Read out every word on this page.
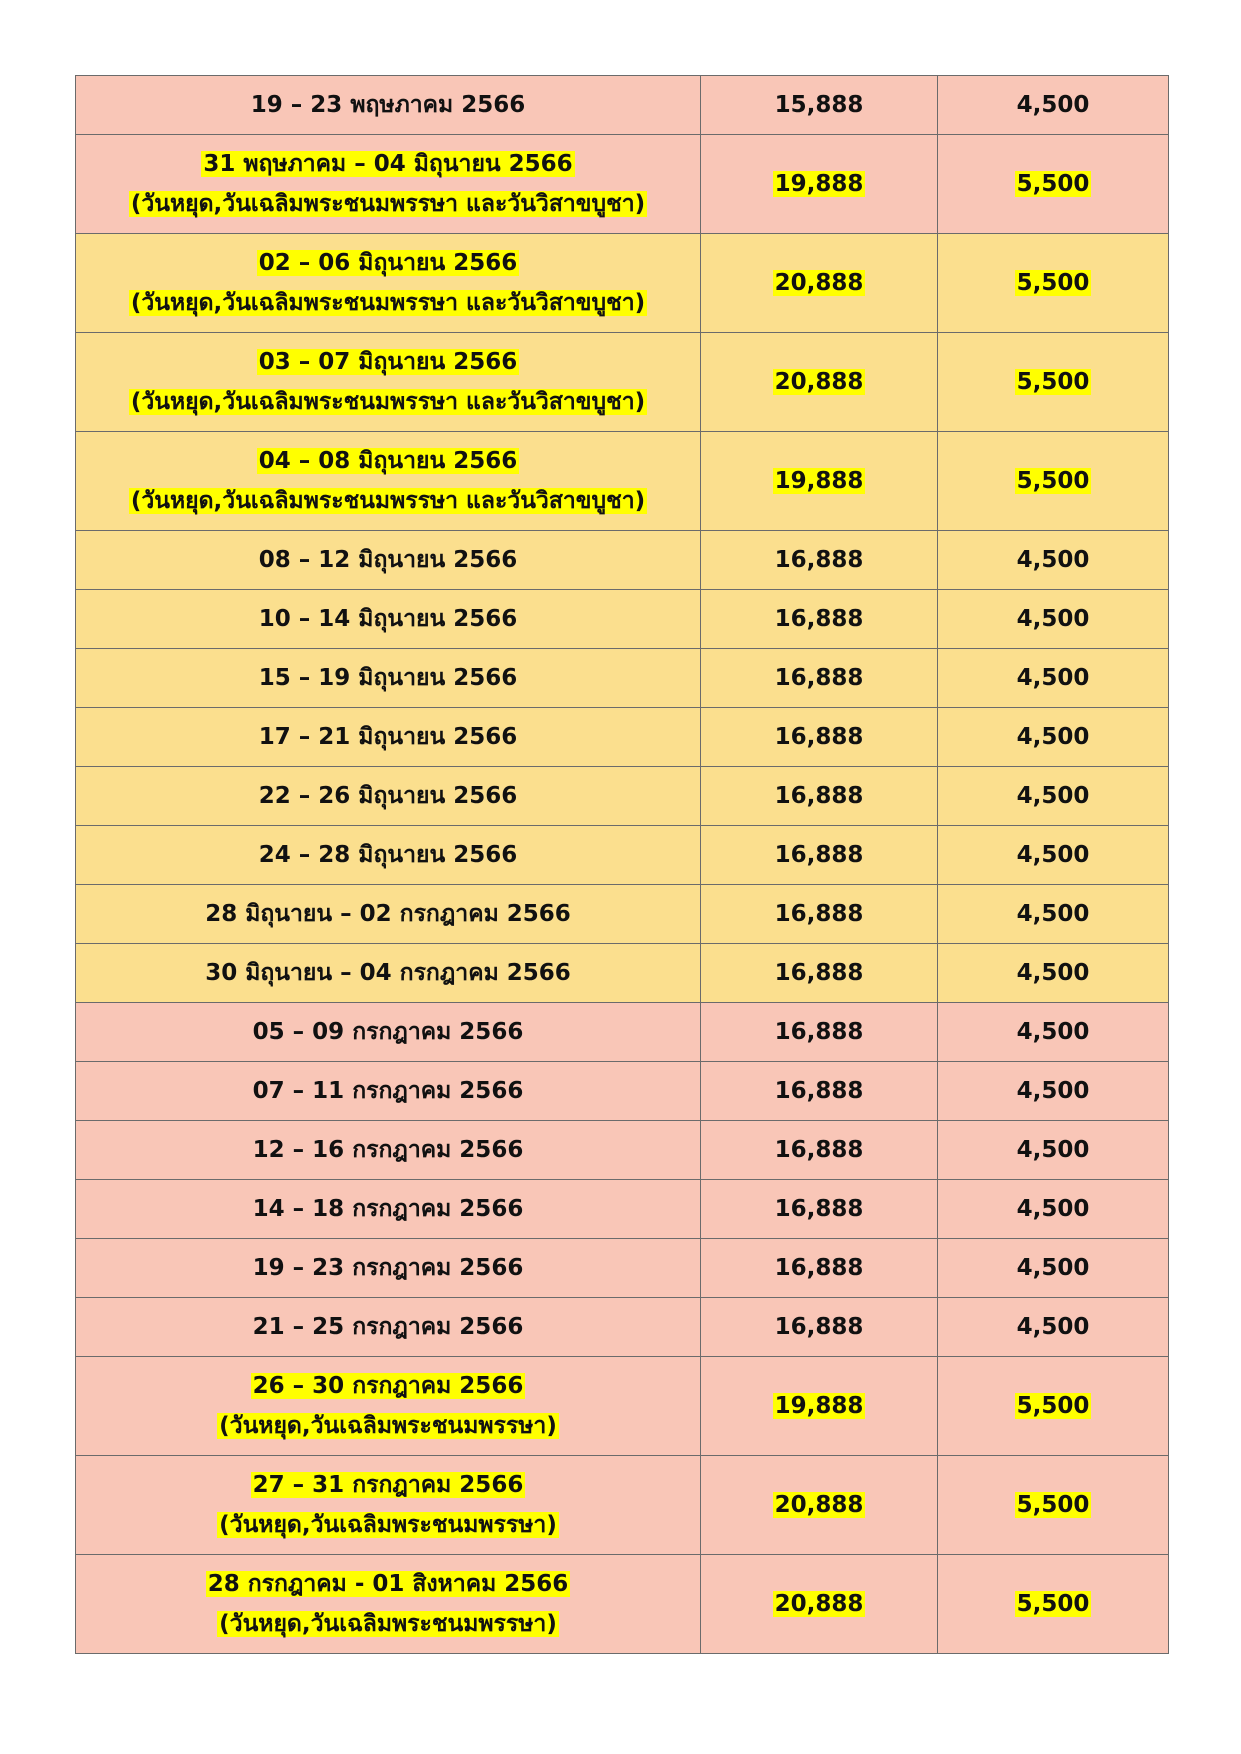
19 – 23 พฤษภาคม 2566	15,888	4,500

31 พฤษภาคม – 04 มิถุนายน 2566
(วันหยุด,วันเฉลิมพระชนมพรรษา และวันวิสาขบูชา)	19,888	5,500

02 – 06 มิถุนายน 2566
(วันหยุด,วันเฉลิมพระชนมพรรษา และวันวิสาขบูชา)	20,888	5,500

03 – 07 มิถุนายน 2566
(วันหยุด,วันเฉลิมพระชนมพรรษา และวันวิสาขบูชา)	20,888	5,500

04 – 08 มิถุนายน 2566
(วันหยุด,วันเฉลิมพระชนมพรรษา และวันวิสาขบูชา)	19,888	5,500

08 – 12 มิถุนายน 2566	16,888	4,500

10 – 14 มิถุนายน 2566	16,888	4,500

15 – 19 มิถุนายน 2566	16,888	4,500

17 – 21 มิถุนายน 2566	16,888	4,500

22 – 26 มิถุนายน 2566	16,888	4,500

24 – 28 มิถุนายน 2566	16,888	4,500

28 มิถุนายน – 02 กรกฎาคม 2566	16,888	4,500

30 มิถุนายน – 04 กรกฎาคม 2566	16,888	4,500

05 – 09 กรกฎาคม 2566	16,888	4,500

07 – 11 กรกฎาคม 2566	16,888	4,500

12 – 16 กรกฎาคม 2566	16,888	4,500

14 – 18 กรกฎาคม 2566	16,888	4,500

19 – 23 กรกฎาคม 2566	16,888	4,500

21 – 25 กรกฎาคม 2566	16,888	4,500

26 – 30 กรกฎาคม 2566
(วันหยุด,วันเฉลิมพระชนมพรรษา)	19,888	5,500

27 – 31 กรกฎาคม 2566
(วันหยุด,วันเฉลิมพระชนมพรรษา)	20,888	5,500

28 กรกฎาคม - 01 สิงหาคม 2566
(วันหยุด,วันเฉลิมพระชนมพรรษา)	20,888	5,500
